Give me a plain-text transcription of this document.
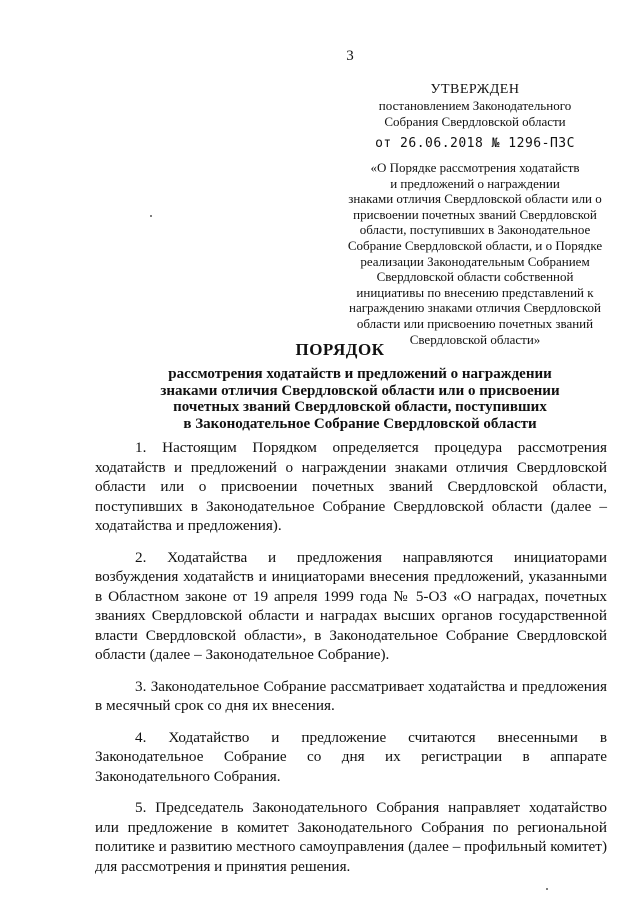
3
УТВЕРЖДЕН
постановлением Законодательного
Собрания Свердловской области
от 26.06.2018 № 1296-ПЗС
«О Порядке рассмотрения ходатайств
и предложений о награждении
знаками отличия Свердловской области или о
присвоении почетных званий Свердловской
области, поступивших в Законодательное
Собрание Свердловской области, и о Порядке
реализации Законодательным Собранием
Свердловской области собственной
инициативы по внесению представлений к
награждению знаками отличия Свердловской
области или присвоению почетных званий
Свердловской области»
ПОРЯДОК
рассмотрения ходатайств и предложений о награждении
знаками отличия Свердловской области или о присвоении
почетных званий Свердловской области, поступивших
в Законодательное Собрание Свердловской области

1. Настоящим Порядком определяется процедура рассмотрения ходатайств и предложений о награждении знаками отличия Свердловской области или о присвоении почетных званий Свердловской области, поступивших в Законодательное Собрание Свердловской области (далее – ходатайства и предложения).

2. Ходатайства и предложения направляются инициаторами возбуждения ходатайств и инициаторами внесения предложений, указанными в Областном законе от 19 апреля 1999 года № 5-ОЗ «О наградах, почетных званиях Свердловской области и наградах высших органов государственной власти Свердловской области», в Законодательное Собрание Свердловской области (далее – Законодательное Собрание).

3. Законодательное Собрание рассматривает ходатайства и предложения в месячный срок со дня их внесения.

4. Ходатайство и предложение считаются внесенными в Законодательное Собрание со дня их регистрации в аппарате Законодательного Собрания.

5. Председатель Законодательного Собрания направляет ходатайство или предложение в комитет Законодательного Собрания по региональной политике и развитию местного самоуправления (далее – профильный комитет) для рассмотрения и принятия решения.
